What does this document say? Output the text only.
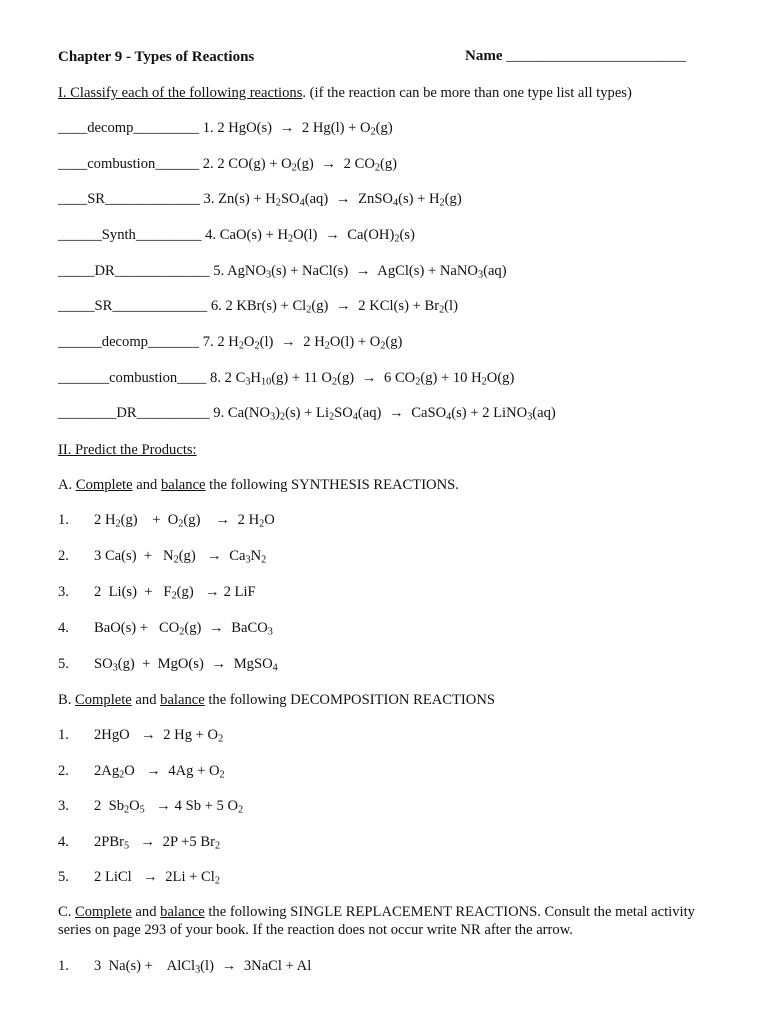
Chapter 9 - Types of Reactions	Name ________________________
I. Classify each of the following reactions. (if the reaction can be more than one type list all types)
____decomp_________ 1. 2 HgO(s) → 2 $Hg(l) + O_2(g)$
____combustion______ 2. 2 $CO(g) + O_2(g) \to 2$ $CO_2(g)$
____SR_____________ 3. $Zn(s) + H_2SO_4(aq)$ → ZnSO$_4$(s) + $H_2(g)$
______Synth_________ 4. $CaO(s) + H_2O(l) \to Ca(OH)_2(s)$
_____DR_____________ 5. AgNO$_3$(s) + NaCl(s) → AgCl(s) + NaNO$_3$(aq)
_____SR_____________ 6. 2 $KBr(s) + Cl_2(g) \to 2$ $KCl(s) + Br_2(l)$
______decomp_______ 7. 2 $H_2O_2(l) \to 2$ $H_2O(l) + O_2(g)$
_______combustion____ 8. 2 $C_3H_{10}(g) + 11$ $O_2(g) \to 6$ $CO_2(g) + 10$ $H_2O(g)$
________DR__________ 9. $Ca(NO_3)_2(s) + Li_2SO_4(aq)$ → CaSO$_4$(s) + 2 LiNO$_3$(aq)
II. Predict the Products:
A. Complete and balance the following SYNTHESIS REACTIONS.
1. 2 $H_2(g)$    +  $O_2(g) \to 2$ $H_2O$
2. 3 $Ca(s) + N_2(g) \to Ca_3N_2$
3. 2  $Li(s) + F_2(g) \to 2$ LiF
4. $BaO(s) + CO_2(g)$ → BaCO$_3$
5. $SO_3(g) + MgO(s)$ → MgSO$_4$
B. Complete and balance the following DECOMPOSITION REACTIONS
1. 2HgO  → 2 $Hg + O_2$
2. $2Ag_2O \to 4Ag + O_2$
3. 2  $Sb_2O_5 \to 4$ Sb + 5 $O_2$
4. 2PBr$_5$ → 2P +5 $Br_2$
5. 2 LiCl  → $2Li + Cl_2$
C. Complete and balance the following SINGLE REPLACEMENT REACTIONS. Consult the metal activity series on page 293 of your book. If the reaction does not occur write NR after the arrow.
1. 3  Na(s) +    AlCl$_3$(l) → 3NaCl + Al
